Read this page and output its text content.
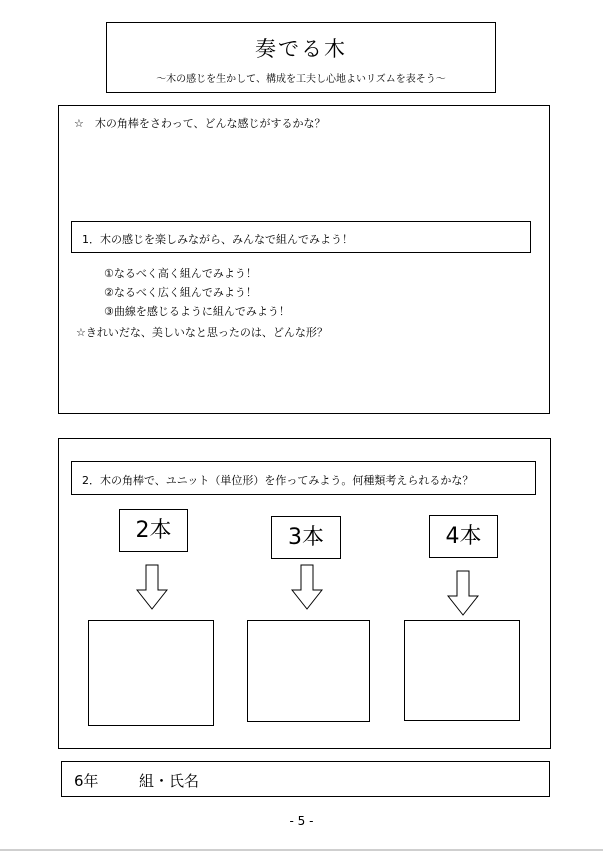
奏でる木
〜木の感じを生かして、構成を工夫し心地よいリズムを表そう〜
☆　木の角棒をさわって、どんな感じがするかな？
1．木の感じを楽しみながら、みんなで組んでみよう！
①なるべく高く組んでみよう！
②なるべく広く組んでみよう！
③曲線を感じるように組んでみよう！
☆きれいだな、美しいなと思ったのは、どんな形？
2．木の角棒で、ユニット（単位形）を作ってみよう。何種類考えられるかな？
2本	3本	4本
6年	組・氏名
- 5 -
